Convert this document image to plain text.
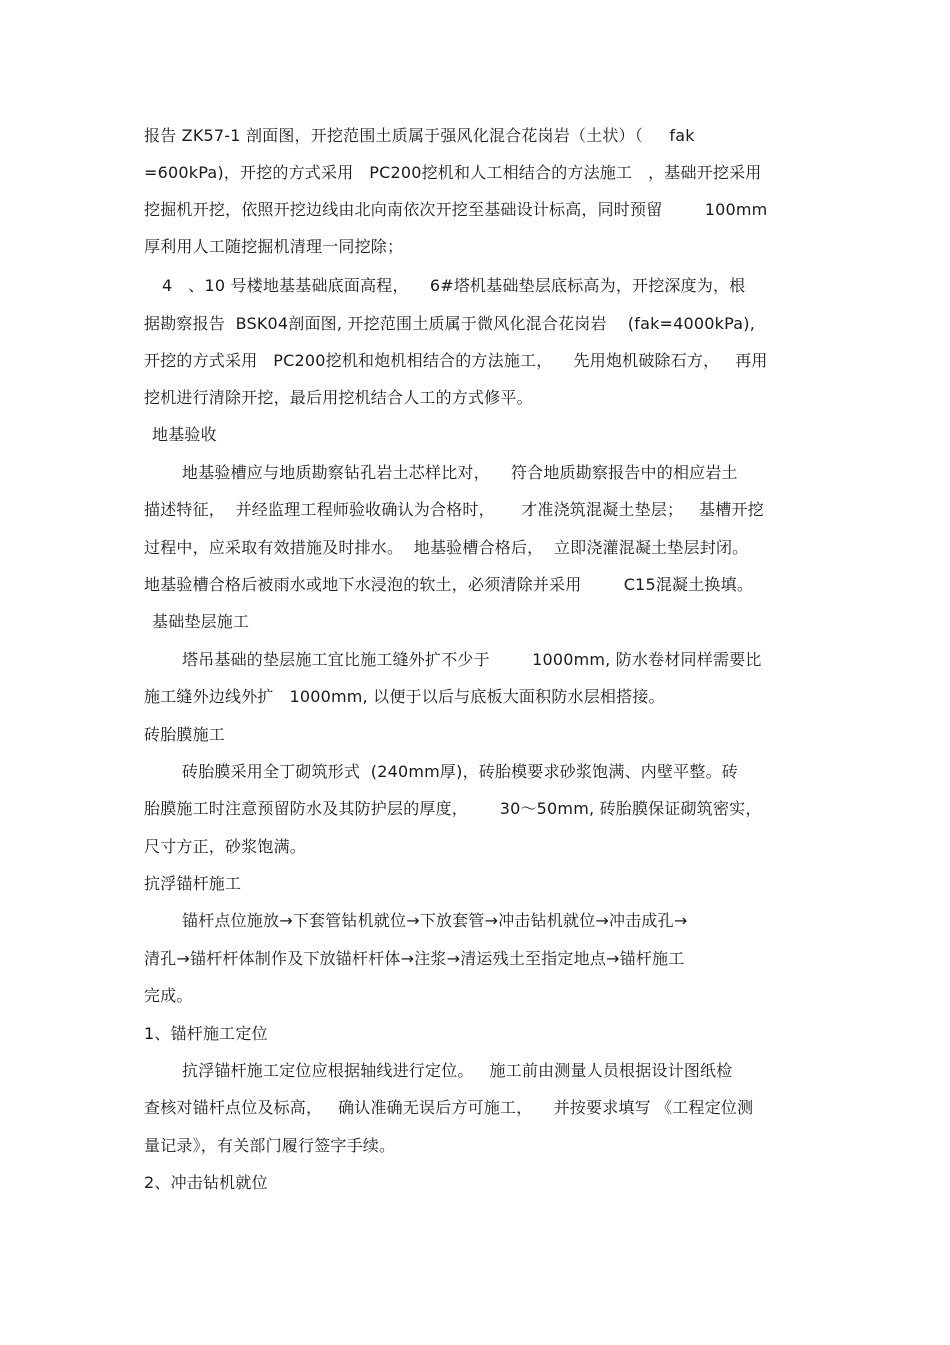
报告 ZK57-1 剖面图，开挖范围土质属于强风化混合花岗岩（土状）（     fak
=600kPa)，开挖的方式采用   PC200挖机和人工相结合的方法施工   ，基础开挖采用
挖掘机开挖，依照开挖边线由北向南依次开挖至基础设计标高，同时预留        100mm
厚利用人工随挖掘机清理一同挖除；
4   、10 号楼地基基础底面高程，    6#塔机基础垫层底标高为，开挖深度为，根
据勘察报告  BSK04剖面图, 开挖范围土质属于微风化混合花岗岩    (fak=4000kPa),
开挖的方式采用   PC200挖机和炮机相结合的方法施工，    先用炮机破除石方，   再用
挖机进行清除开挖，最后用挖机结合人工的方式修平。
地基验收
地基验槽应与地质勘察钻孔岩土芯样比对，    符合地质勘察报告中的相应岩土
描述特征，  并经监理工程师验收确认为合格时，     才准浇筑混凝土垫层；   基槽开挖
过程中，应采取有效措施及时排水。  地基验槽合格后，  立即浇灌混凝土垫层封闭。
地基验槽合格后被雨水或地下水浸泡的软土，必须清除并采用        C15混凝土换填。
基础垫层施工
塔吊基础的垫层施工宜比施工缝外扩不少于        1000mm, 防水卷材同样需要比
施工缝外边线外扩   1000mm, 以便于以后与底板大面积防水层相搭接。
砖胎膜施工
砖胎膜采用全丁砌筑形式  (240mm厚)，砖胎模要求砂浆饱满、内壁平整。砖
胎膜施工时注意预留防水及其防护层的厚度，      30～50mm, 砖胎膜保证砌筑密实，
尺寸方正，砂浆饱满。
抗浮锚杆施工
锚杆点位施放→下套管钻机就位→下放套管→冲击钻机就位→冲击成孔→
清孔→锚杆杆体制作及下放锚杆杆体→注浆→清运残土至指定地点→锚杆施工
完成。
1、锚杆施工定位
抗浮锚杆施工定位应根据轴线进行定位。   施工前由测量人员根据设计图纸检
查核对锚杆点位及标高，   确认准确无误后方可施工，    并按要求填写 《工程定位测
量记录》，有关部门履行签字手续。
2、冲击钻机就位
